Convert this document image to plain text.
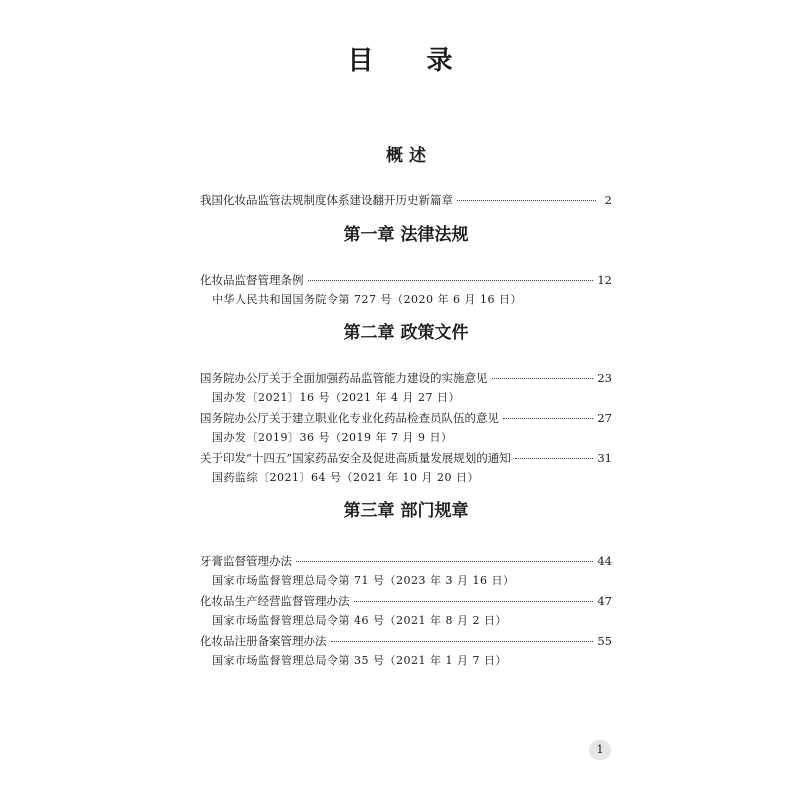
目 录
概 述
我国化妆品监管法规制度体系建设翻开历史新篇章	2
第一章 法律法规
化妆品监督管理条例	12
中华人民共和国国务院令第 727 号（2020 年 6 月 16 日）
第二章 政策文件
国务院办公厅关于全面加强药品监管能力建设的实施意见	23
国办发〔2021〕16 号（2021 年 4 月 27 日）
国务院办公厅关于建立职业化专业化药品检查员队伍的意见	27
国办发〔2019〕36 号（2019 年 7 月 9 日）
关于印发“十四五”国家药品安全及促进高质量发展规划的通知	31
国药监综〔2021〕64 号（2021 年 10 月 20 日）
第三章 部门规章
牙膏监督管理办法	44
国家市场监督管理总局令第 71 号（2023 年 3 月 16 日）
化妆品生产经营监督管理办法	47
国家市场监督管理总局令第 46 号（2021 年 8 月 2 日）
化妆品注册备案管理办法	55
国家市场监督管理总局令第 35 号（2021 年 1 月 7 日）
1
